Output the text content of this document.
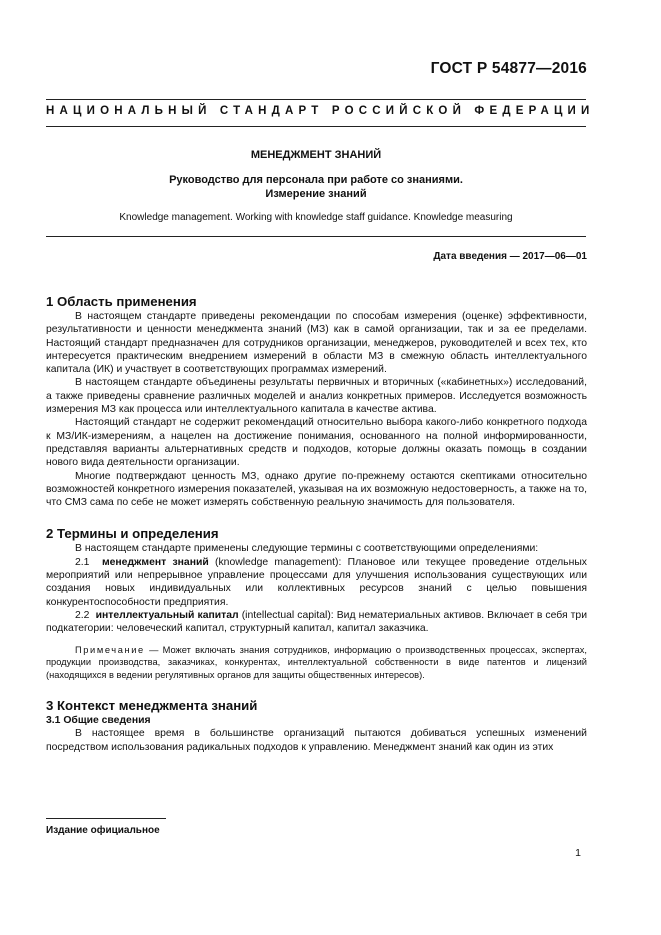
ГОСТ Р 54877—2016
НАЦИОНАЛЬНЫЙ СТАНДАРТ РОССИЙСКОЙ ФЕДЕРАЦИИ
МЕНЕДЖМЕНТ ЗНАНИЙ
Руководство для персонала при работе со знаниями.
Измерение знаний
Knowledge management. Working with knowledge staff guidance. Knowledge measuring
Дата введения — 2017—06—01

1 Область применения

В настоящем стандарте приведены рекомендации по способам измерения (оценке) эффективности, результативности и ценности менеджмента знаний (МЗ) как в самой организации, так и за ее пределами. Настоящий стандарт предназначен для сотрудников организации, менеджеров, руководителей и всех тех, кто интересуется практическим внедрением измерений в области МЗ в смежную область интеллектуального капитала (ИК) и участвует в соответствующих программах измерений.

В настоящем стандарте объединены результаты первичных и вторичных («кабинетных») исследований, а также приведены сравнение различных моделей и анализ конкретных примеров. Исследуется возможность измерения МЗ как процесса или интеллектуального капитала в качестве актива.

Настоящий стандарт не содержит рекомендаций относительно выбора какого-либо конкретного подхода к МЗ/ИК-измерениям, а нацелен на достижение понимания, основанного на полной информированности, представляя варианты альтернативных средств и подходов, которые должны оказать помощь в создании нового вида деятельности организации.

Многие подтверждают ценность МЗ, однако другие по-прежнему остаются скептиками относительно возможностей конкретного измерения показателей, указывая на их возможную недостоверность, а также на то, что СМЗ сама по себе не может измерять собственную реальную значимость для пользователя.

2 Термины и определения

В настоящем стандарте применены следующие термины с соответствующими определениями:

2.1 менеджмент знаний (knowledge management): Плановое или текущее проведение отдельных мероприятий или непрерывное управление процессами для улучшения использования существующих или создания новых индивидуальных или коллективных ресурсов знаний с целью повышения конкурентоспособности предприятия.

2.2 интеллектуальный капитал (intellectual capital): Вид нематериальных активов. Включает в себя три подкатегории: человеческий капитал, структурный капитал, капитал заказчика.

Примечание — Может включать знания сотрудников, информацию о производственных процессах, экспертах, продукции производства, заказчиках, конкурентах, интеллектуальной собственности в виде патентов и лицензий (находящихся в ведении регулятивных органов для защиты общественных интересов).

3 Контекст менеджмента знаний

3.1 Общие сведения

В настоящее время в большинстве организаций пытаются добиваться успешных изменений посредством использования радикальных подходов к управлению. Менеджмент знаний как один из этих

Издание официальное
1
